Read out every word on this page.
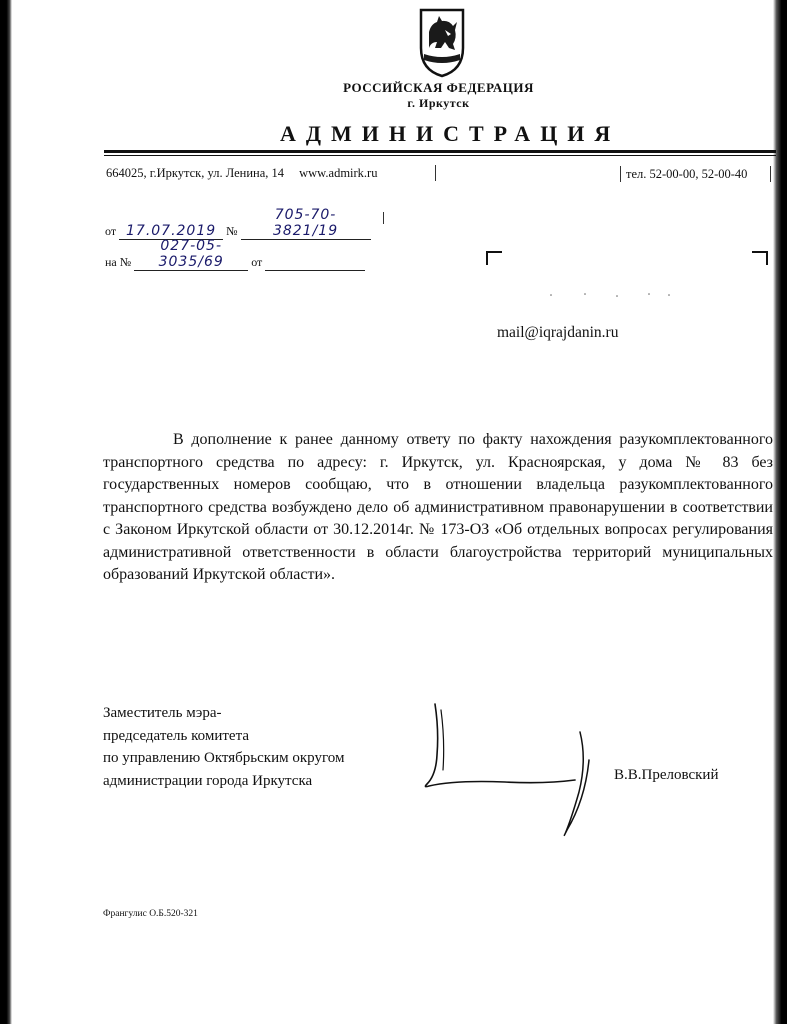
РОССИЙСКАЯ ФЕДЕРАЦИЯ
г. Иркутск
АДМИНИСТРАЦИЯ
664025, г.Иркутск, ул. Ленина, 14 www.admirk.ru	тел. 52-00-00, 52-00-40
от 17.07.2019 № 705-70-3821/19
на № 027-05-3035/69 от
mail@iqrajdanin.ru

В дополнение к ранее данному ответу по факту нахождения разукомплектованного транспортного средства по адресу: г. Иркутск, ул. Красноярская, у дома № 83 без государственных номеров сообщаю, что в отношении владельца разукомплектованного транспортного средства возбуждено дело об административном правонарушении в соответствии с Законом Иркутской области от 30.12.2014г. № 173-ОЗ «Об отдельных вопросах регулирования административной ответственности в области благоустройства территорий муниципальных образований Иркутской области».

Заместитель мэра-
председатель комитета
по управлению Октябрьским округом
администрации города Иркутска	В.В.Преловский
Франгулис О.Б.520-321
